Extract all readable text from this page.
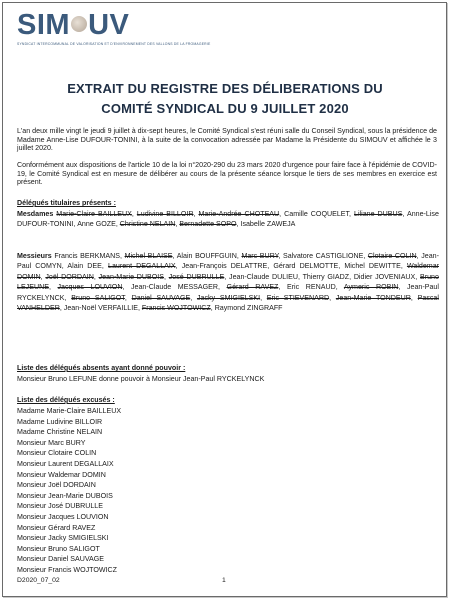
SIM UV
SYNDICAT INTERCOMMUNAL DE VALORISATION ET D'ENVIRONNEMENT DES VALLONS DE LA FROMAGERIE
EXTRAIT DU REGISTRE DES DÉLIBERATIONS DU
COMITÉ SYNDICAL DU 9 JUILLET 2020
L'an deux mille vingt le jeudi 9 juillet à dix-sept heures, le Comité Syndical s'est réuni salle du Conseil Syndical, sous la présidence de Madame Anne-Lise DUFOUR-TONINI, à la suite de la convocation adressée par Madame la Présidente du SIMOUV et affichée le 3 juillet 2020.
Conformément aux dispositions de l'article 10 de la loi n°2020-290 du 23 mars 2020 d'urgence pour faire face à l'épidémie de COVID-19, le Comité Syndical est en mesure de délibérer au cours de la présente séance lorsque le tiers de ses membres en exercice est présent.
Délégués titulaires présents :
Mesdames Marie-Claire BAILLEUX, Ludivine BILLOIR, Marie-Andrée CHOTEAU, Camille COQUELET, Liliane DUBUS, Anne-Lise DUFOUR-TONINI, Anne GOZE, Christine NELAIN, Bernadette SOPO, Isabelle ZAWEJA
Messieurs Francis BERKMANS, Michel BLAISE, Alain BOUFFGUIN, Marc BURY, Salvatore CASTIGLIONE, Clotaire COLIN, Jean-Paul COMYN, Alain DEE, Laurent DEGALLAIX, Jean-François DELATTRE, Gérard DELMOTTE, Michel DEWITTE, Waldemar DOMIN, Joël DORDAIN, Jean-Marie DUBOIS, José DUBRULLE, Jean-Claude DULIEU, Thierry GIADZ, Didier JOVENIAUX, Bruno LEJEUNE, Jacques LOUVION, Jean-Claude MESSAGER, Gérard RAVEZ, Eric RENAUD, Aymeric ROBIN, Jean-Paul RYCKELYNCK, Bruno SALIGOT, Daniel SAUVAGE, Jacky SMIGIELSKI, Eric STIEVENARD, Jean-Marie TONDEUR, Pascal VANHELDER, Jean-Noël VERFAILLIE, Francis WOJTOWICZ, Raymond ZINGRAFF
Liste des délégués absents ayant donné pouvoir :
Monsieur Bruno LEFUNE donne pouvoir à Monsieur Jean-Paul RYCKELYNCK
Liste des délégués excusés :
Madame Marie-Claire BAILLEUX
Madame Ludivine BILLOIR
Madame Christine NELAIN
Monsieur Marc BURY
Monsieur Clotaire COLIN
Monsieur Laurent DEGALLAIX
Monsieur Waldemar DOMIN
Monsieur Joël DORDAIN
Monsieur Jean-Marie DUBOIS
Monsieur José DUBRULLE
Monsieur Jacques LOUVION
Monsieur Gérard RAVEZ
Monsieur Jacky SMIGIELSKI
Monsieur Bruno SALIGOT
Monsieur Daniel SAUVAGE
Monsieur Francis WOJTOWICZ
D2020_07_02	1
